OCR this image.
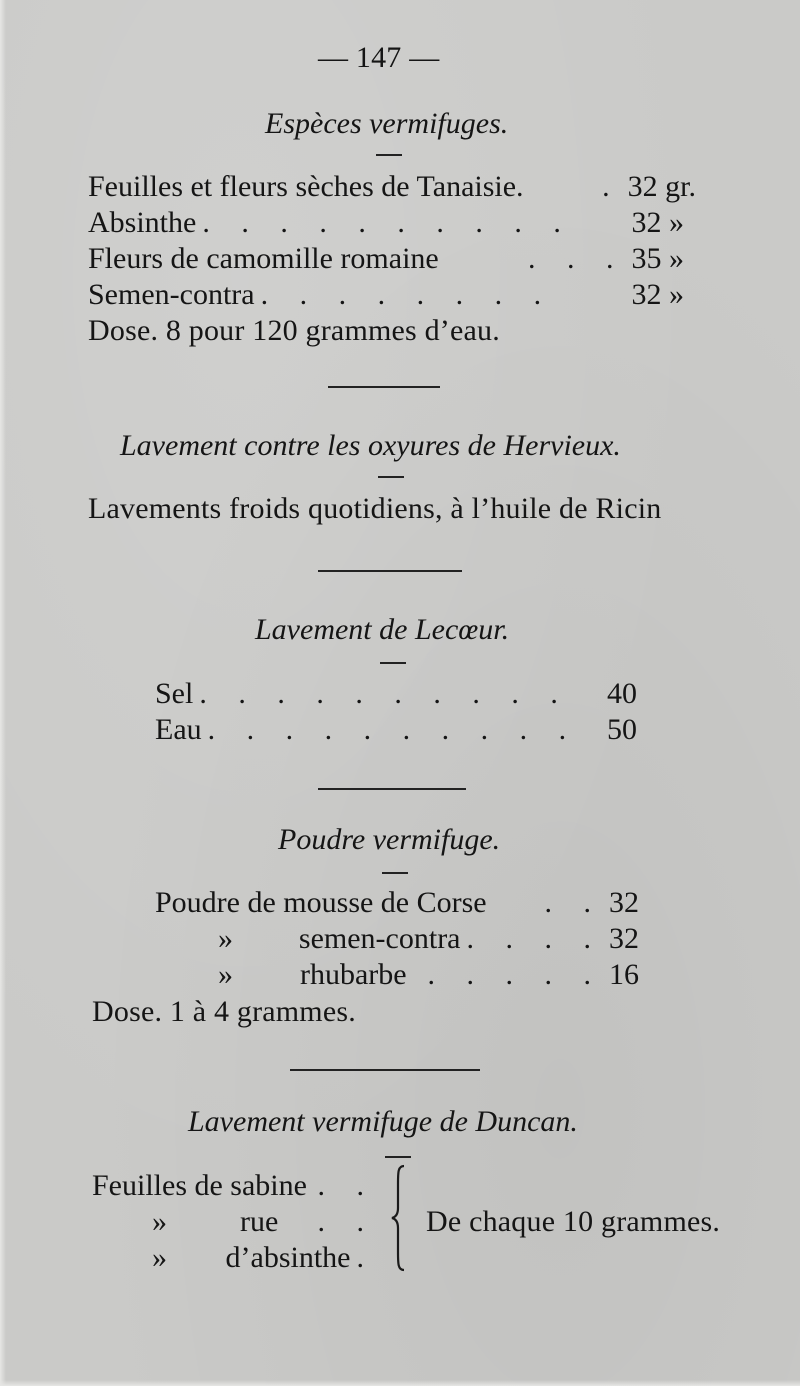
— 147 —
Espèces vermifuges.
Feuilles et fleurs sèches de Tanaisie.	. 32 gr.
Absinthe . . . . . . . . . .	32 »
Fleurs de camomille romaine	. . . 35 »
Semen-contra . . . . . . . .	32 »
Dose. 8 pour 120 grammes d’eau.
Lavement contre les oxyures de Hervieux.
Lavements froids quotidiens, à l’huile de Ricin
Lavement de Lecœur.
Sel . . . . . . . . . .	40
Eau . . . . . . . . . . 50
Poudre vermifuge.
Poudre de mousse de Corse	. . 32
»	semen-contra . . . . 32
»	rhubarbe . . . . . 16
Dose. 1 à 4 grammes.
Lavement vermifuge de Duncan.
Feuilles de sabine . .
»	rue	. .
»	d’absinthe .
De chaque 10 grammes.
